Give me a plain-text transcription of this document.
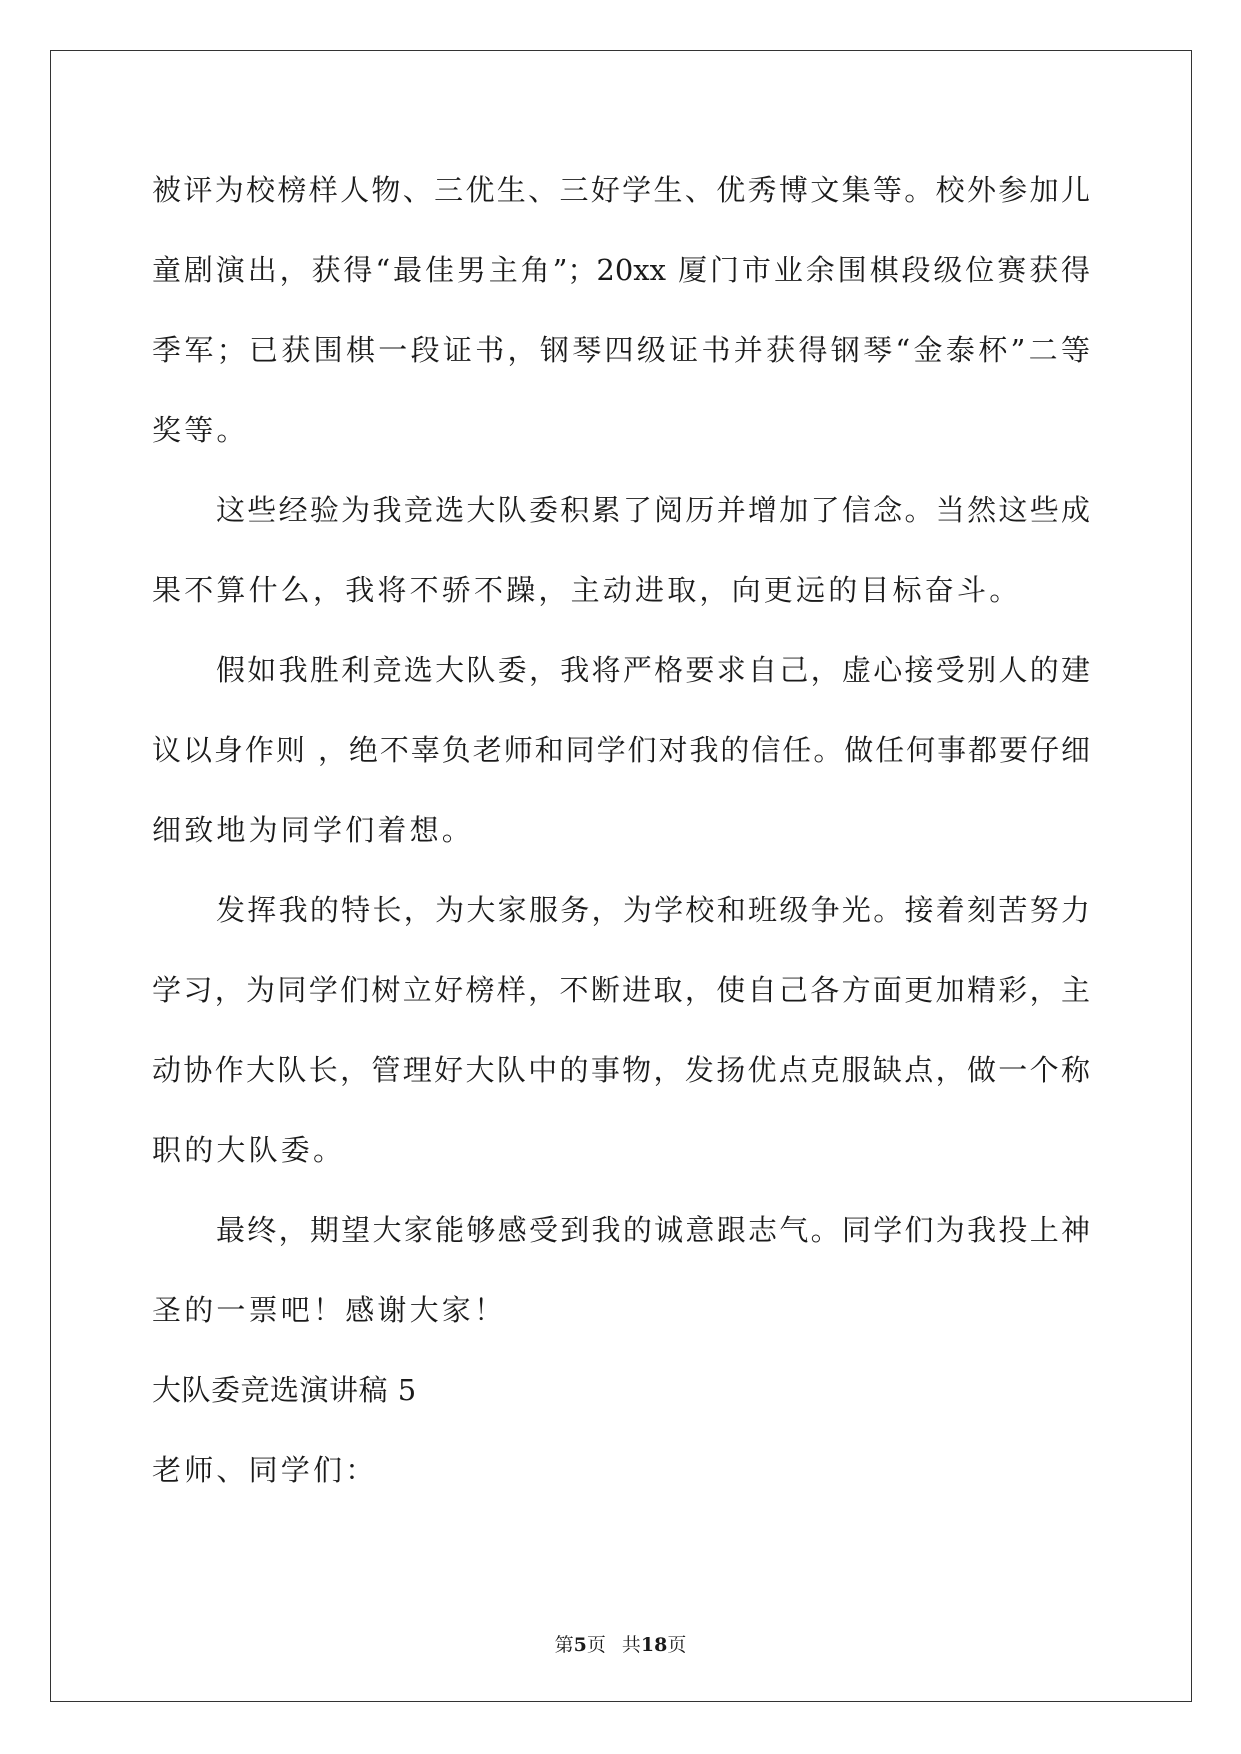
被评为校榜样人物、三优生、三好学生、优秀博文集等。校外参加儿
童剧演出，获得“最佳男主角”；20xx 厦门市业余围棋段级位赛获得
季军；已获围棋一段证书，钢琴四级证书并获得钢琴“金泰杯”二等
奖等。
这些经验为我竞选大队委积累了阅历并增加了信念。当然这些成
果不算什么，我将不骄不躁，主动进取，向更远的目标奋斗。
假如我胜利竞选大队委，我将严格要求自己，虚心接受别人的建
议以身作则 ，绝不辜负老师和同学们对我的信任。做任何事都要仔细
细致地为同学们着想。
发挥我的特长，为大家服务，为学校和班级争光。接着刻苦努力
学习，为同学们树立好榜样，不断进取，使自己各方面更加精彩，主
动协作大队长，管理好大队中的事物，发扬优点克服缺点，做一个称
职的大队委。
最终，期望大家能够感受到我的诚意跟志气。同学们为我投上神
圣的一票吧！感谢大家！
大队委竞选演讲稿 5
老师、同学们：
第5页 共18页
